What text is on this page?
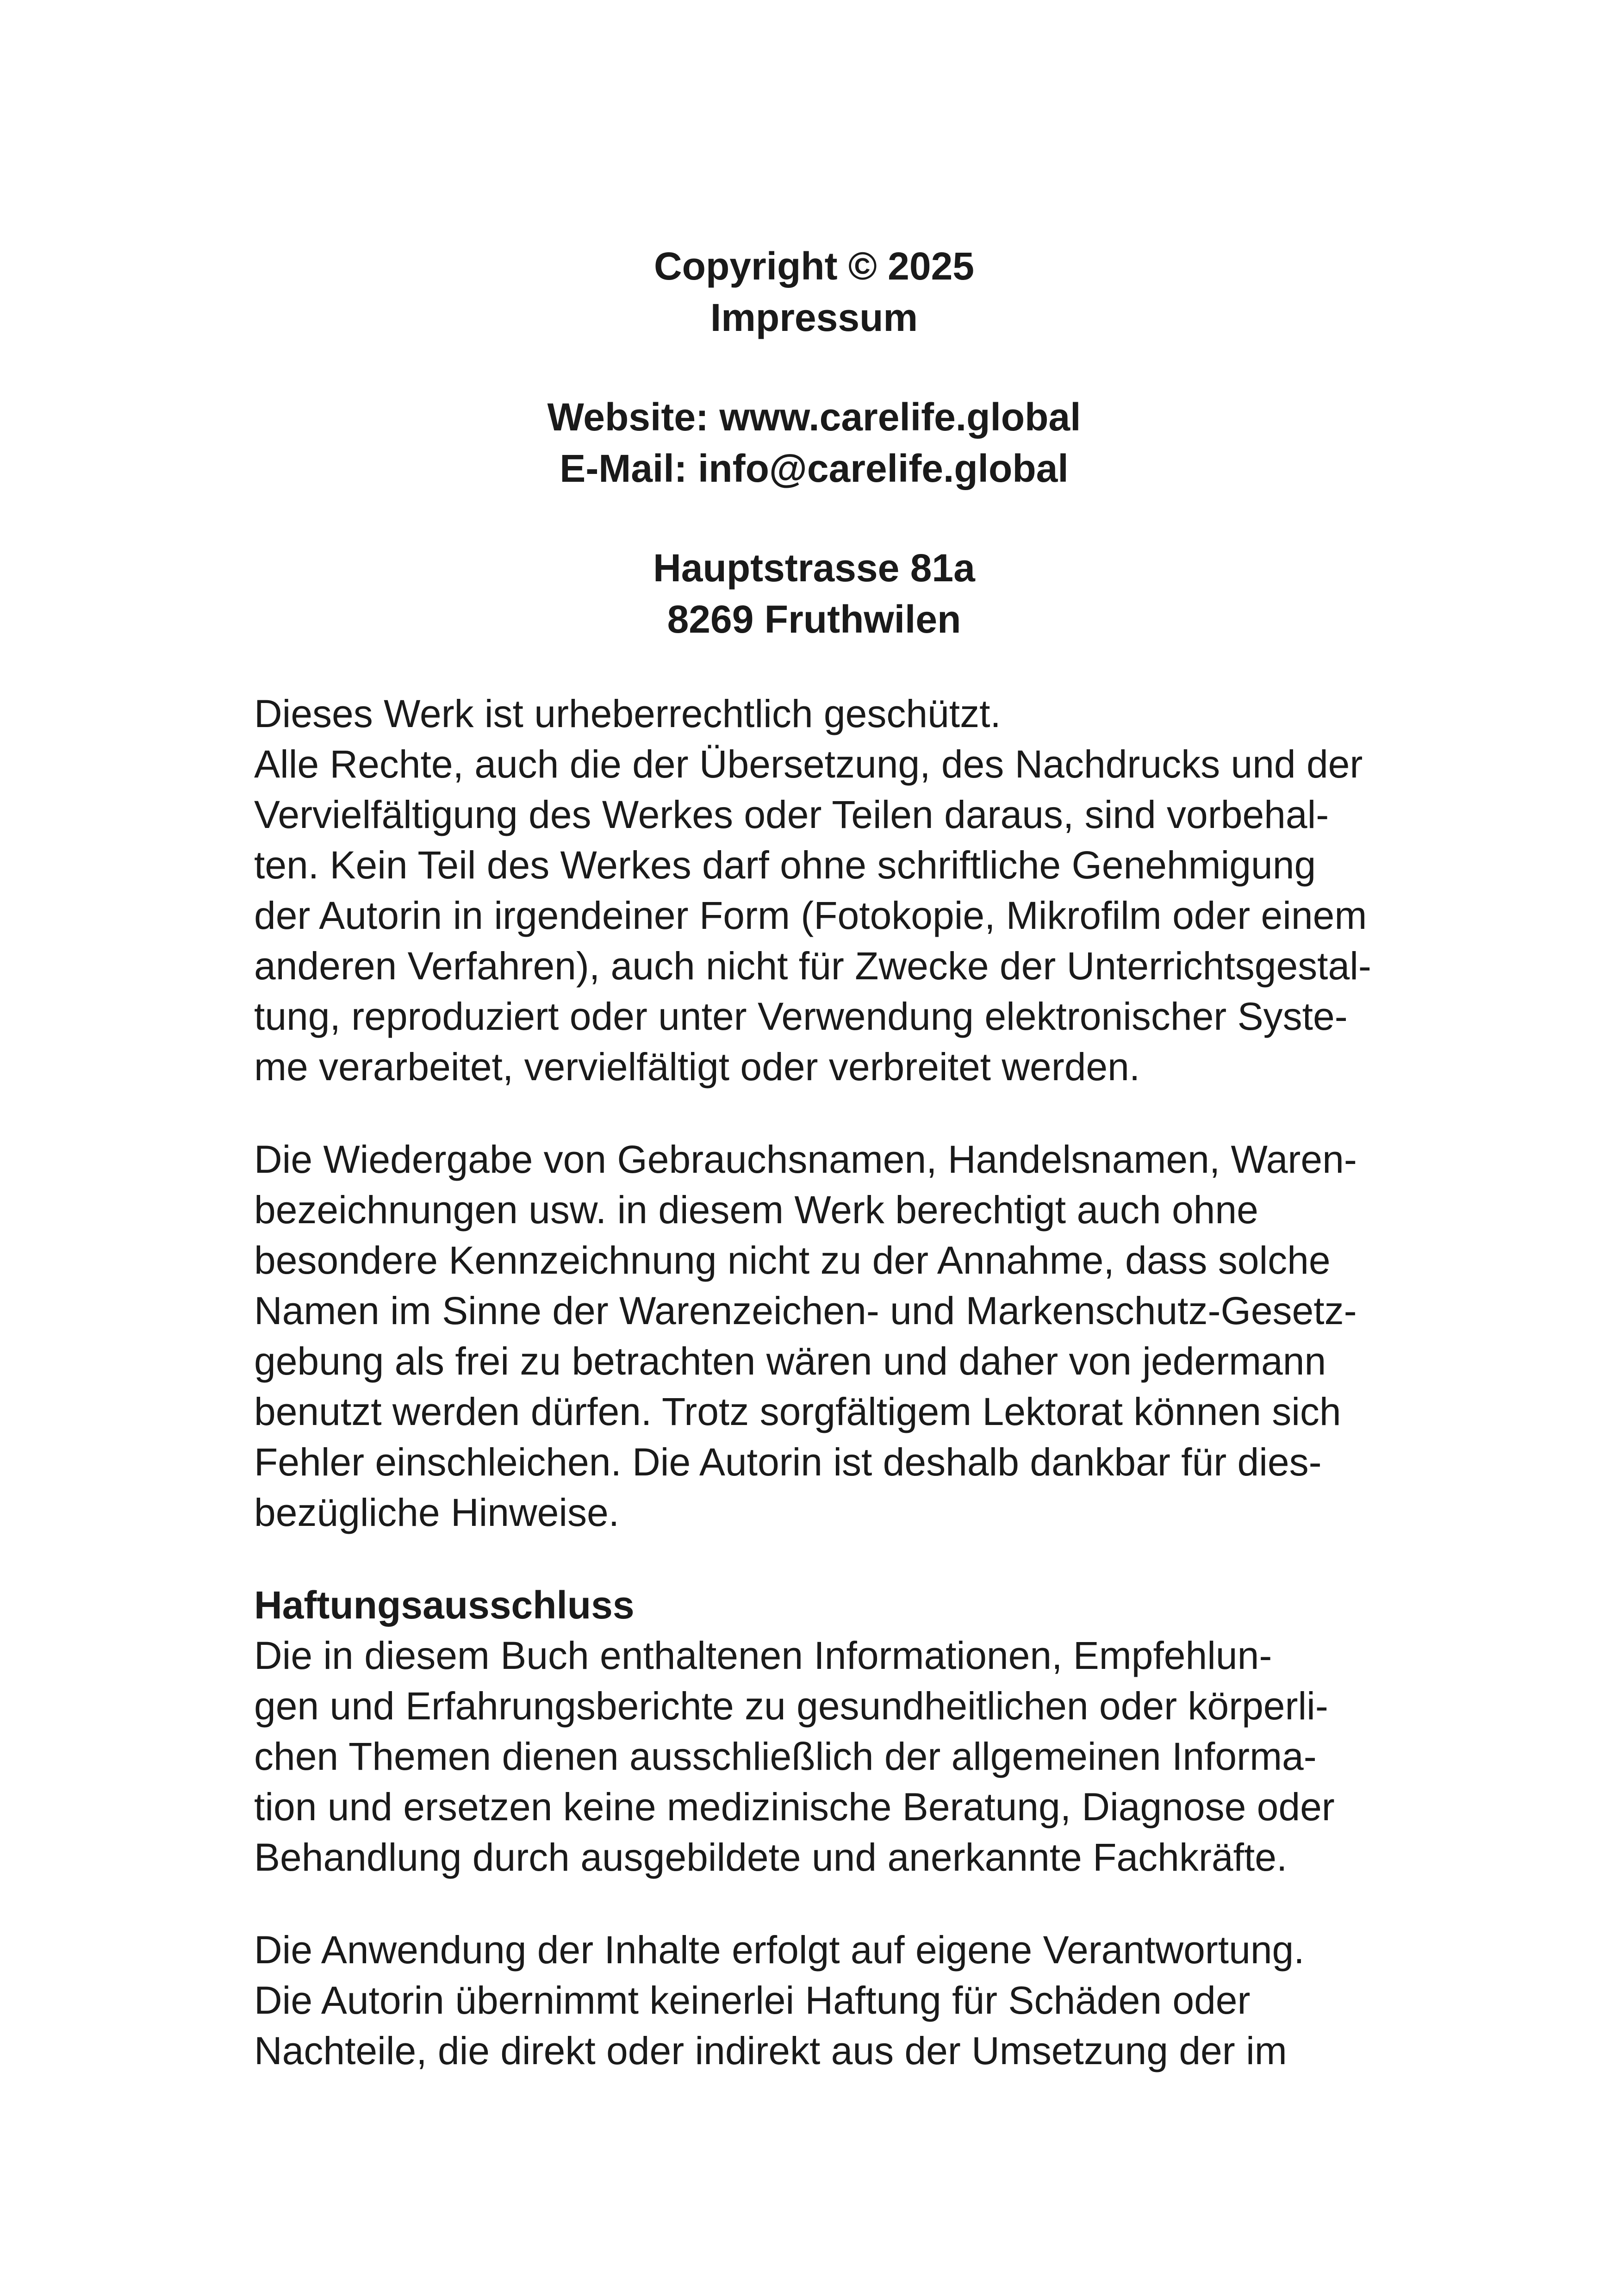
Copyright © 2025
Impressum
Website: www.carelife.global
E-Mail: info@carelife.global
Hauptstrasse 81a
8269 Fruthwilen
Dieses Werk ist urheberrechtlich geschützt.
Alle Rechte, auch die der Übersetzung, des Nachdrucks und der
Vervielfältigung des Werkes oder Teilen daraus, sind vorbehal-
ten. Kein Teil des Werkes darf ohne schriftliche Genehmigung
der Autorin in irgendeiner Form (Fotokopie, Mikrofilm oder einem
anderen Verfahren), auch nicht für Zwecke der Unterrichtsgestal-
tung, reproduziert oder unter Verwendung elektronischer Syste-
me verarbeitet, vervielfältigt oder verbreitet werden.
Die Wiedergabe von Gebrauchsnamen, Handelsnamen, Waren-
bezeichnungen usw. in diesem Werk berechtigt auch ohne
besondere Kennzeichnung nicht zu der Annahme, dass solche
Namen im Sinne der Warenzeichen- und Markenschutz-Gesetz-
gebung als frei zu betrachten wären und daher von jedermann
benutzt werden dürfen. Trotz sorgfältigem Lektorat können sich
Fehler einschleichen. Die Autorin ist deshalb dankbar für dies-
bezügliche Hinweise.
Haftungsausschluss
Die in diesem Buch enthaltenen Informationen, Empfehlun-
gen und Erfahrungsberichte zu gesundheitlichen oder körperli-
chen Themen dienen ausschließlich der allgemeinen Informa-
tion und ersetzen keine medizinische Beratung, Diagnose oder
Behandlung durch ausgebildete und anerkannte Fachkräfte.
Die Anwendung der Inhalte erfolgt auf eigene Verantwortung.
Die Autorin übernimmt keinerlei Haftung für Schäden oder
Nachteile, die direkt oder indirekt aus der Umsetzung der im
